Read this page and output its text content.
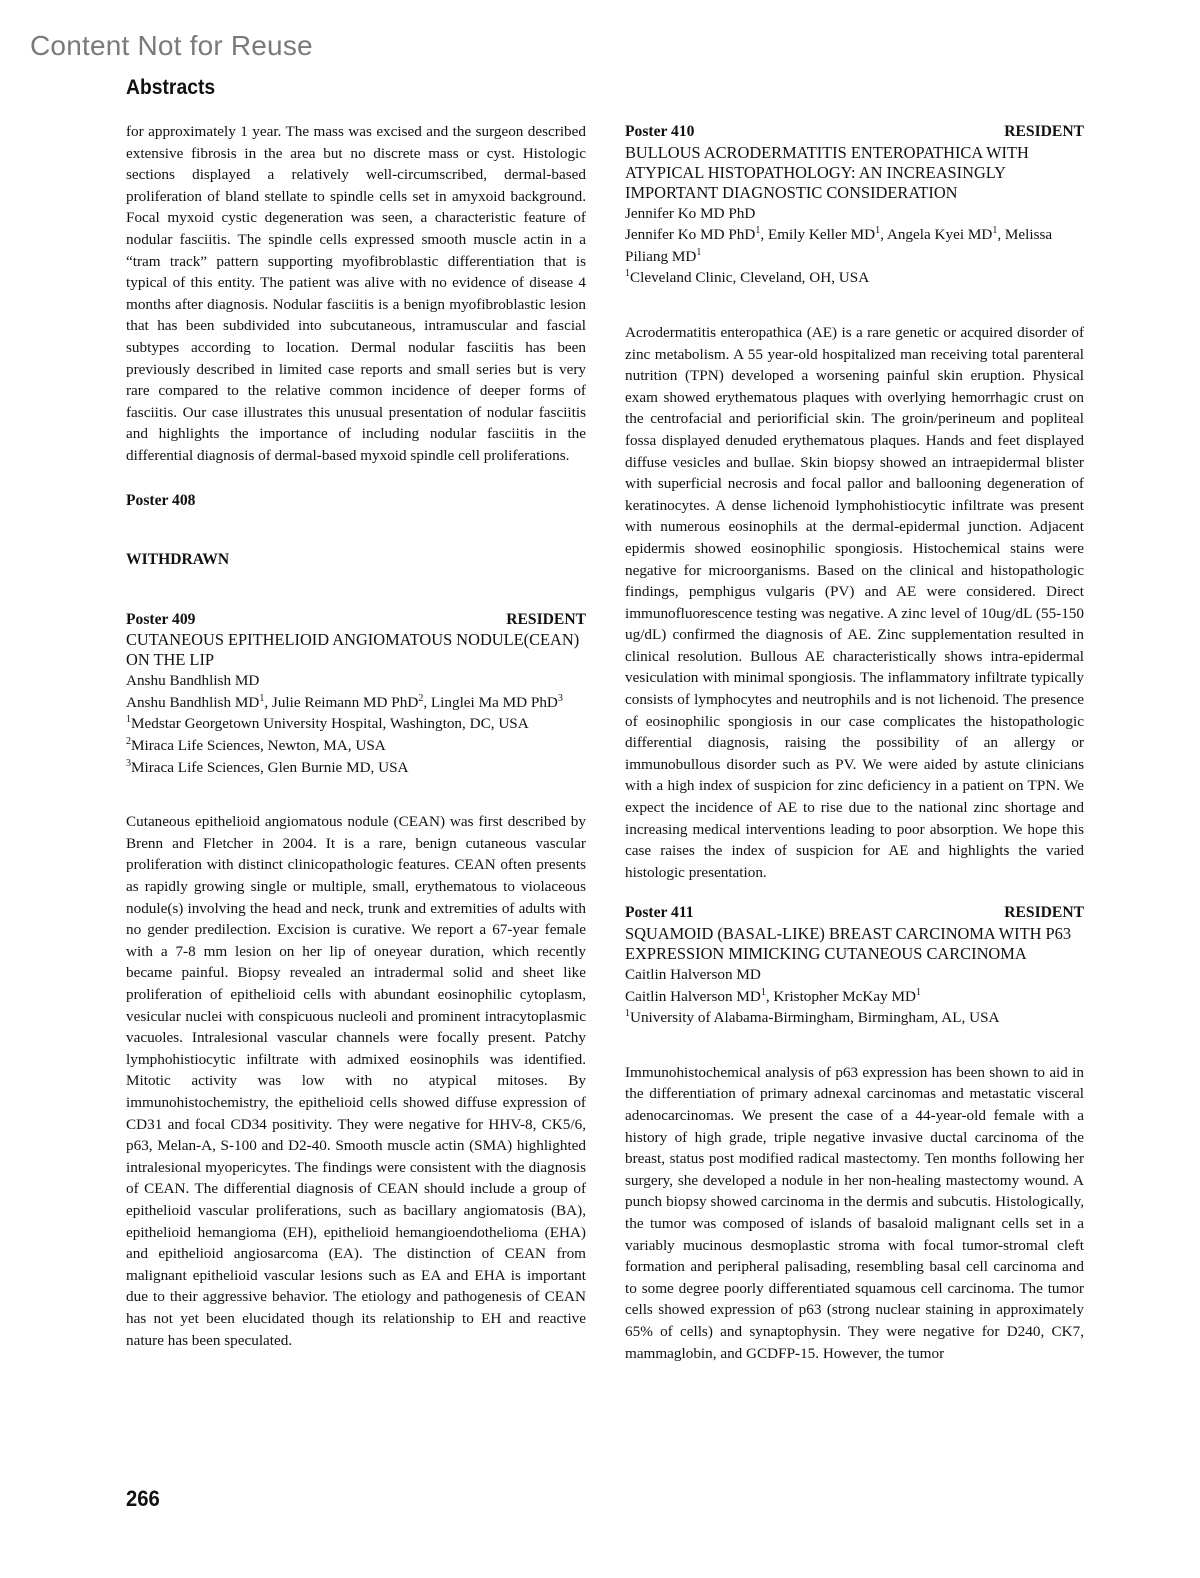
Content Not for Reuse
Abstracts

for approximately 1 year. The mass was excised and the surgeon described extensive fibrosis in the area but no discrete mass or cyst. Histologic sections displayed a relatively well-circumscribed, dermal-based proliferation of bland stellate to spindle cells set in amyxoid background. Focal myxoid cystic degeneration was seen, a characteristic feature of nodular fasciitis. The spindle cells expressed smooth muscle actin in a “tram track” pattern supporting myofibroblastic differentiation that is typical of this entity. The patient was alive with no evidence of disease 4 months after diagnosis. Nodular fasciitis is a benign myofibroblastic lesion that has been subdivided into subcutaneous, intramuscular and fascial subtypes according to location. Dermal nodular fasciitis has been previously described in limited case reports and small series but is very rare compared to the relative common incidence of deeper forms of fasciitis. Our case illustrates this unusual presentation of nodular fasciitis and highlights the importance of including nodular fasciitis in the differential diagnosis of dermal-based myxoid spindle cell proliferations.

Poster 408
WITHDRAWN
Poster 409	RESIDENT
CUTANEOUS EPITHELIOID ANGIOMATOUS NODULE(CEAN) ON THE LIP
Anshu Bandhlish MD
Anshu Bandhlish $MD^1$, Julie Reimann MD PhD$^2$, Linglei Ma MD PhD$^3$
$^1$Medstar Georgetown University Hospital, Washington, DC, USA
$^2$Miraca Life Sciences, Newton, MA, USA
$^3$Miraca Life Sciences, Glen Burnie MD, USA

Cutaneous epithelioid angiomatous nodule (CEAN) was first described by Brenn and Fletcher in 2004. It is a rare, benign cutaneous vascular proliferation with distinct clinicopathologic features. CEAN often presents as rapidly growing single or multiple, small, erythematous to violaceous nodule(s) involving the head and neck, trunk and extremities of adults with no gender predilection. Excision is curative. We report a 67-year female with a 7-8 mm lesion on her lip of oneyear duration, which recently became painful. Biopsy revealed an intradermal solid and sheet like proliferation of epithelioid cells with abundant eosinophilic cytoplasm, vesicular nuclei with conspicuous nucleoli and prominent intracytoplasmic vacuoles. Intralesional vascular channels were focally present. Patchy lymphohistiocytic infiltrate with admixed eosinophils was identified. Mitotic activity was low with no atypical mitoses. By immunohistochemistry, the epithelioid cells showed diffuse expression of CD31 and focal CD34 positivity. They were negative for HHV-8, CK5/6, p63, Melan-A, S-100 and D2-40. Smooth muscle actin (SMA) highlighted intralesional myopericytes. The findings were consistent with the diagnosis of CEAN. The differential diagnosis of CEAN should include a group of epithelioid vascular proliferations, such as bacillary angiomatosis (BA), epithelioid hemangioma (EH), epithelioid hemangioendothelioma (EHA) and epithelioid angiosarcoma (EA). The distinction of CEAN from malignant epithelioid vascular lesions such as EA and EHA is important due to their aggressive behavior. The etiology and pathogenesis of CEAN has not yet been elucidated though its relationship to EH and reactive nature has been speculated.

Poster 410	RESIDENT
BULLOUS ACRODERMATITIS ENTEROPATHICA WITH ATYPICAL HISTOPATHOLOGY: AN INCREASINGLY IMPORTANT DIAGNOSTIC CONSIDERATION
Jennifer Ko MD PhD
Jennifer Ko MD PhD$^1$, Emily Keller $MD^1$, Angela Kyei $MD^1$, Melissa Piliang $MD^1$
$^1$Cleveland Clinic, Cleveland, OH, USA

Acrodermatitis enteropathica (AE) is a rare genetic or acquired disorder of zinc metabolism. A 55 year-old hospitalized man receiving total parenteral nutrition (TPN) developed a worsening painful skin eruption. Physical exam showed erythematous plaques with overlying hemorrhagic crust on the centrofacial and periorificial skin. The groin/perineum and popliteal fossa displayed denuded erythematous plaques. Hands and feet displayed diffuse vesicles and bullae. Skin biopsy showed an intraepidermal blister with superficial necrosis and focal pallor and ballooning degeneration of keratinocytes. A dense lichenoid lymphohistiocytic infiltrate was present with numerous eosinophils at the dermal-epidermal junction. Adjacent epidermis showed eosinophilic spongiosis. Histochemical stains were negative for microorganisms. Based on the clinical and histopathologic findings, pemphigus vulgaris (PV) and AE were considered. Direct immunofluorescence testing was negative. A zinc level of 10ug/dL (55-150 ug/dL) confirmed the diagnosis of AE. Zinc supplementation resulted in clinical resolution. Bullous AE characteristically shows intra-epidermal vesiculation with minimal spongiosis. The inflammatory infiltrate typically consists of lymphocytes and neutrophils and is not lichenoid. The presence of eosinophilic spongiosis in our case complicates the histopathologic differential diagnosis, raising the possibility of an allergy or immunobullous disorder such as PV. We were aided by astute clinicians with a high index of suspicion for zinc deficiency in a patient on TPN. We expect the incidence of AE to rise due to the national zinc shortage and increasing medical interventions leading to poor absorption. We hope this case raises the index of suspicion for AE and highlights the varied histologic presentation.

Poster 411	RESIDENT
SQUAMOID (BASAL-LIKE) BREAST CARCINOMA WITH P63 EXPRESSION MIMICKING CUTANEOUS CARCINOMA
Caitlin Halverson MD
Caitlin Halverson $MD^1$, Kristopher McKay $MD^1$
$^1$University of Alabama-Birmingham, Birmingham, AL, USA

Immunohistochemical analysis of p63 expression has been shown to aid in the differentiation of primary adnexal carcinomas and metastatic visceral adenocarcinomas. We present the case of a 44-year-old female with a history of high grade, triple negative invasive ductal carcinoma of the breast, status post modified radical mastectomy. Ten months following her surgery, she developed a nodule in her non-healing mastectomy wound. A punch biopsy showed carcinoma in the dermis and subcutis. Histologically, the tumor was composed of islands of basaloid malignant cells set in a variably mucinous desmoplastic stroma with focal tumor-stromal cleft formation and peripheral palisading, resembling basal cell carcinoma and to some degree poorly differentiated squamous cell carcinoma. The tumor cells showed expression of p63 (strong nuclear staining in approximately 65% of cells) and synaptophysin. They were negative for D240, CK7, mammaglobin, and GCDFP-15. However, the tumor

266
